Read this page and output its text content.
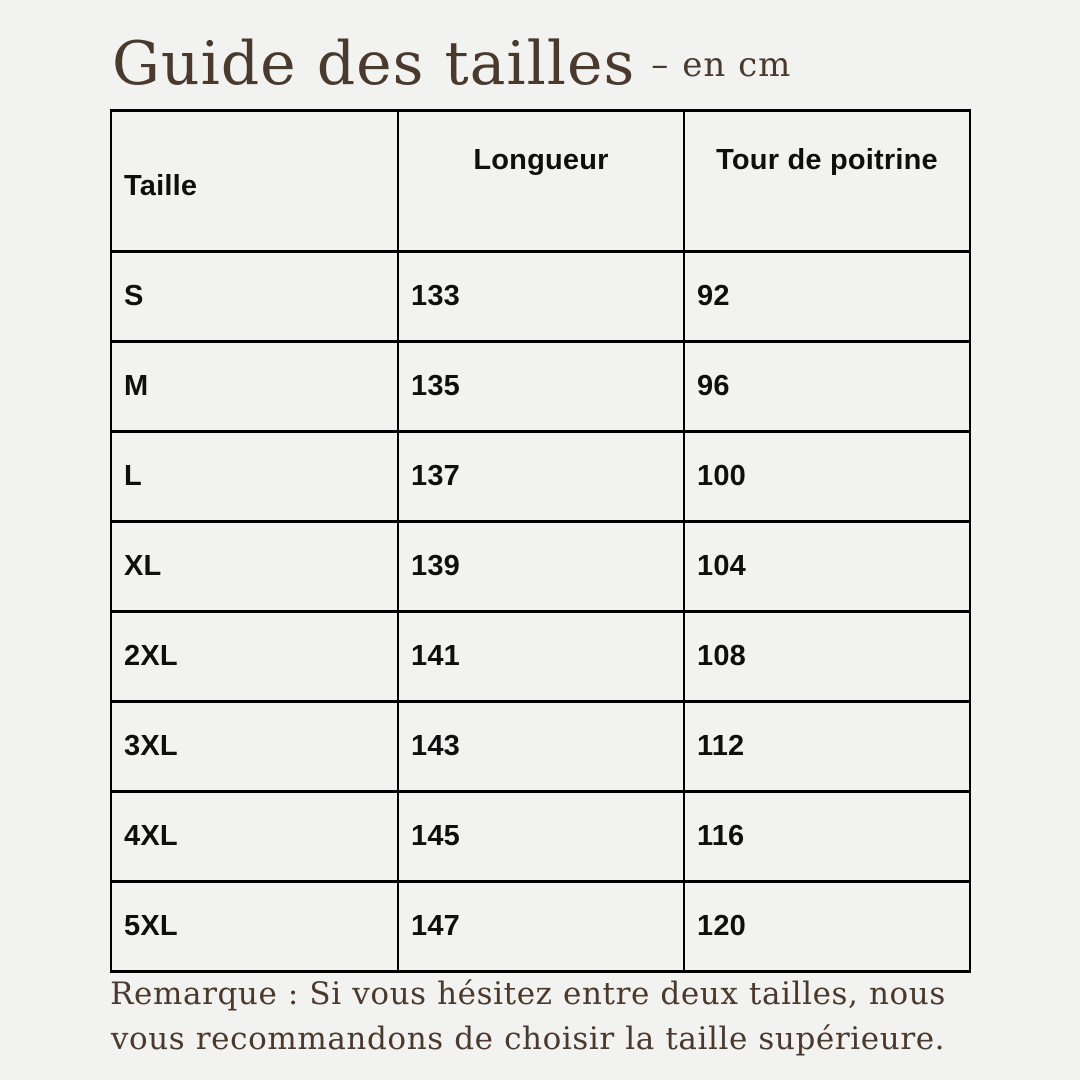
Guide des tailles – en cm
Taille	Longueur	Tour de poitrine
S	133	92
M	135	96
L	137	100
XL	139	104
2XL	141	108
3XL	143	112
4XL	145	116
5XL	147	120
Remarque : Si vous hésitez entre deux tailles, nous
vous recommandons de choisir la taille supérieure.
